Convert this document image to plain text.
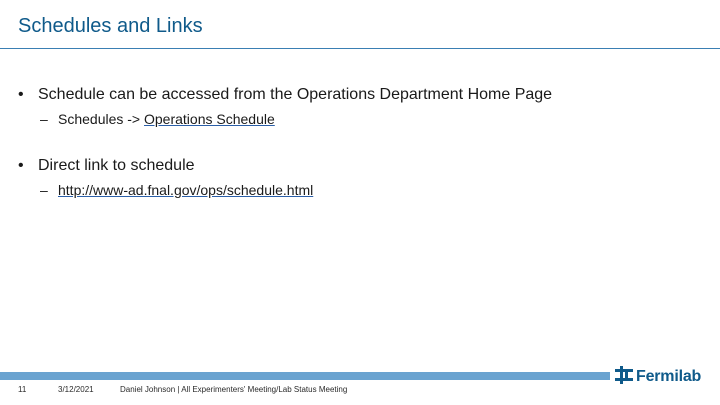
Schedules and Links
• Schedule can be accessed from the Operations Department Home Page
– Schedules -> Operations Schedule
• Direct link to schedule
– http://www-ad.fnal.gov/ops/schedule.html
11	3/12/2021	Daniel Johnson | All Experimenters' Meeting/Lab Status Meeting
Fermilab
